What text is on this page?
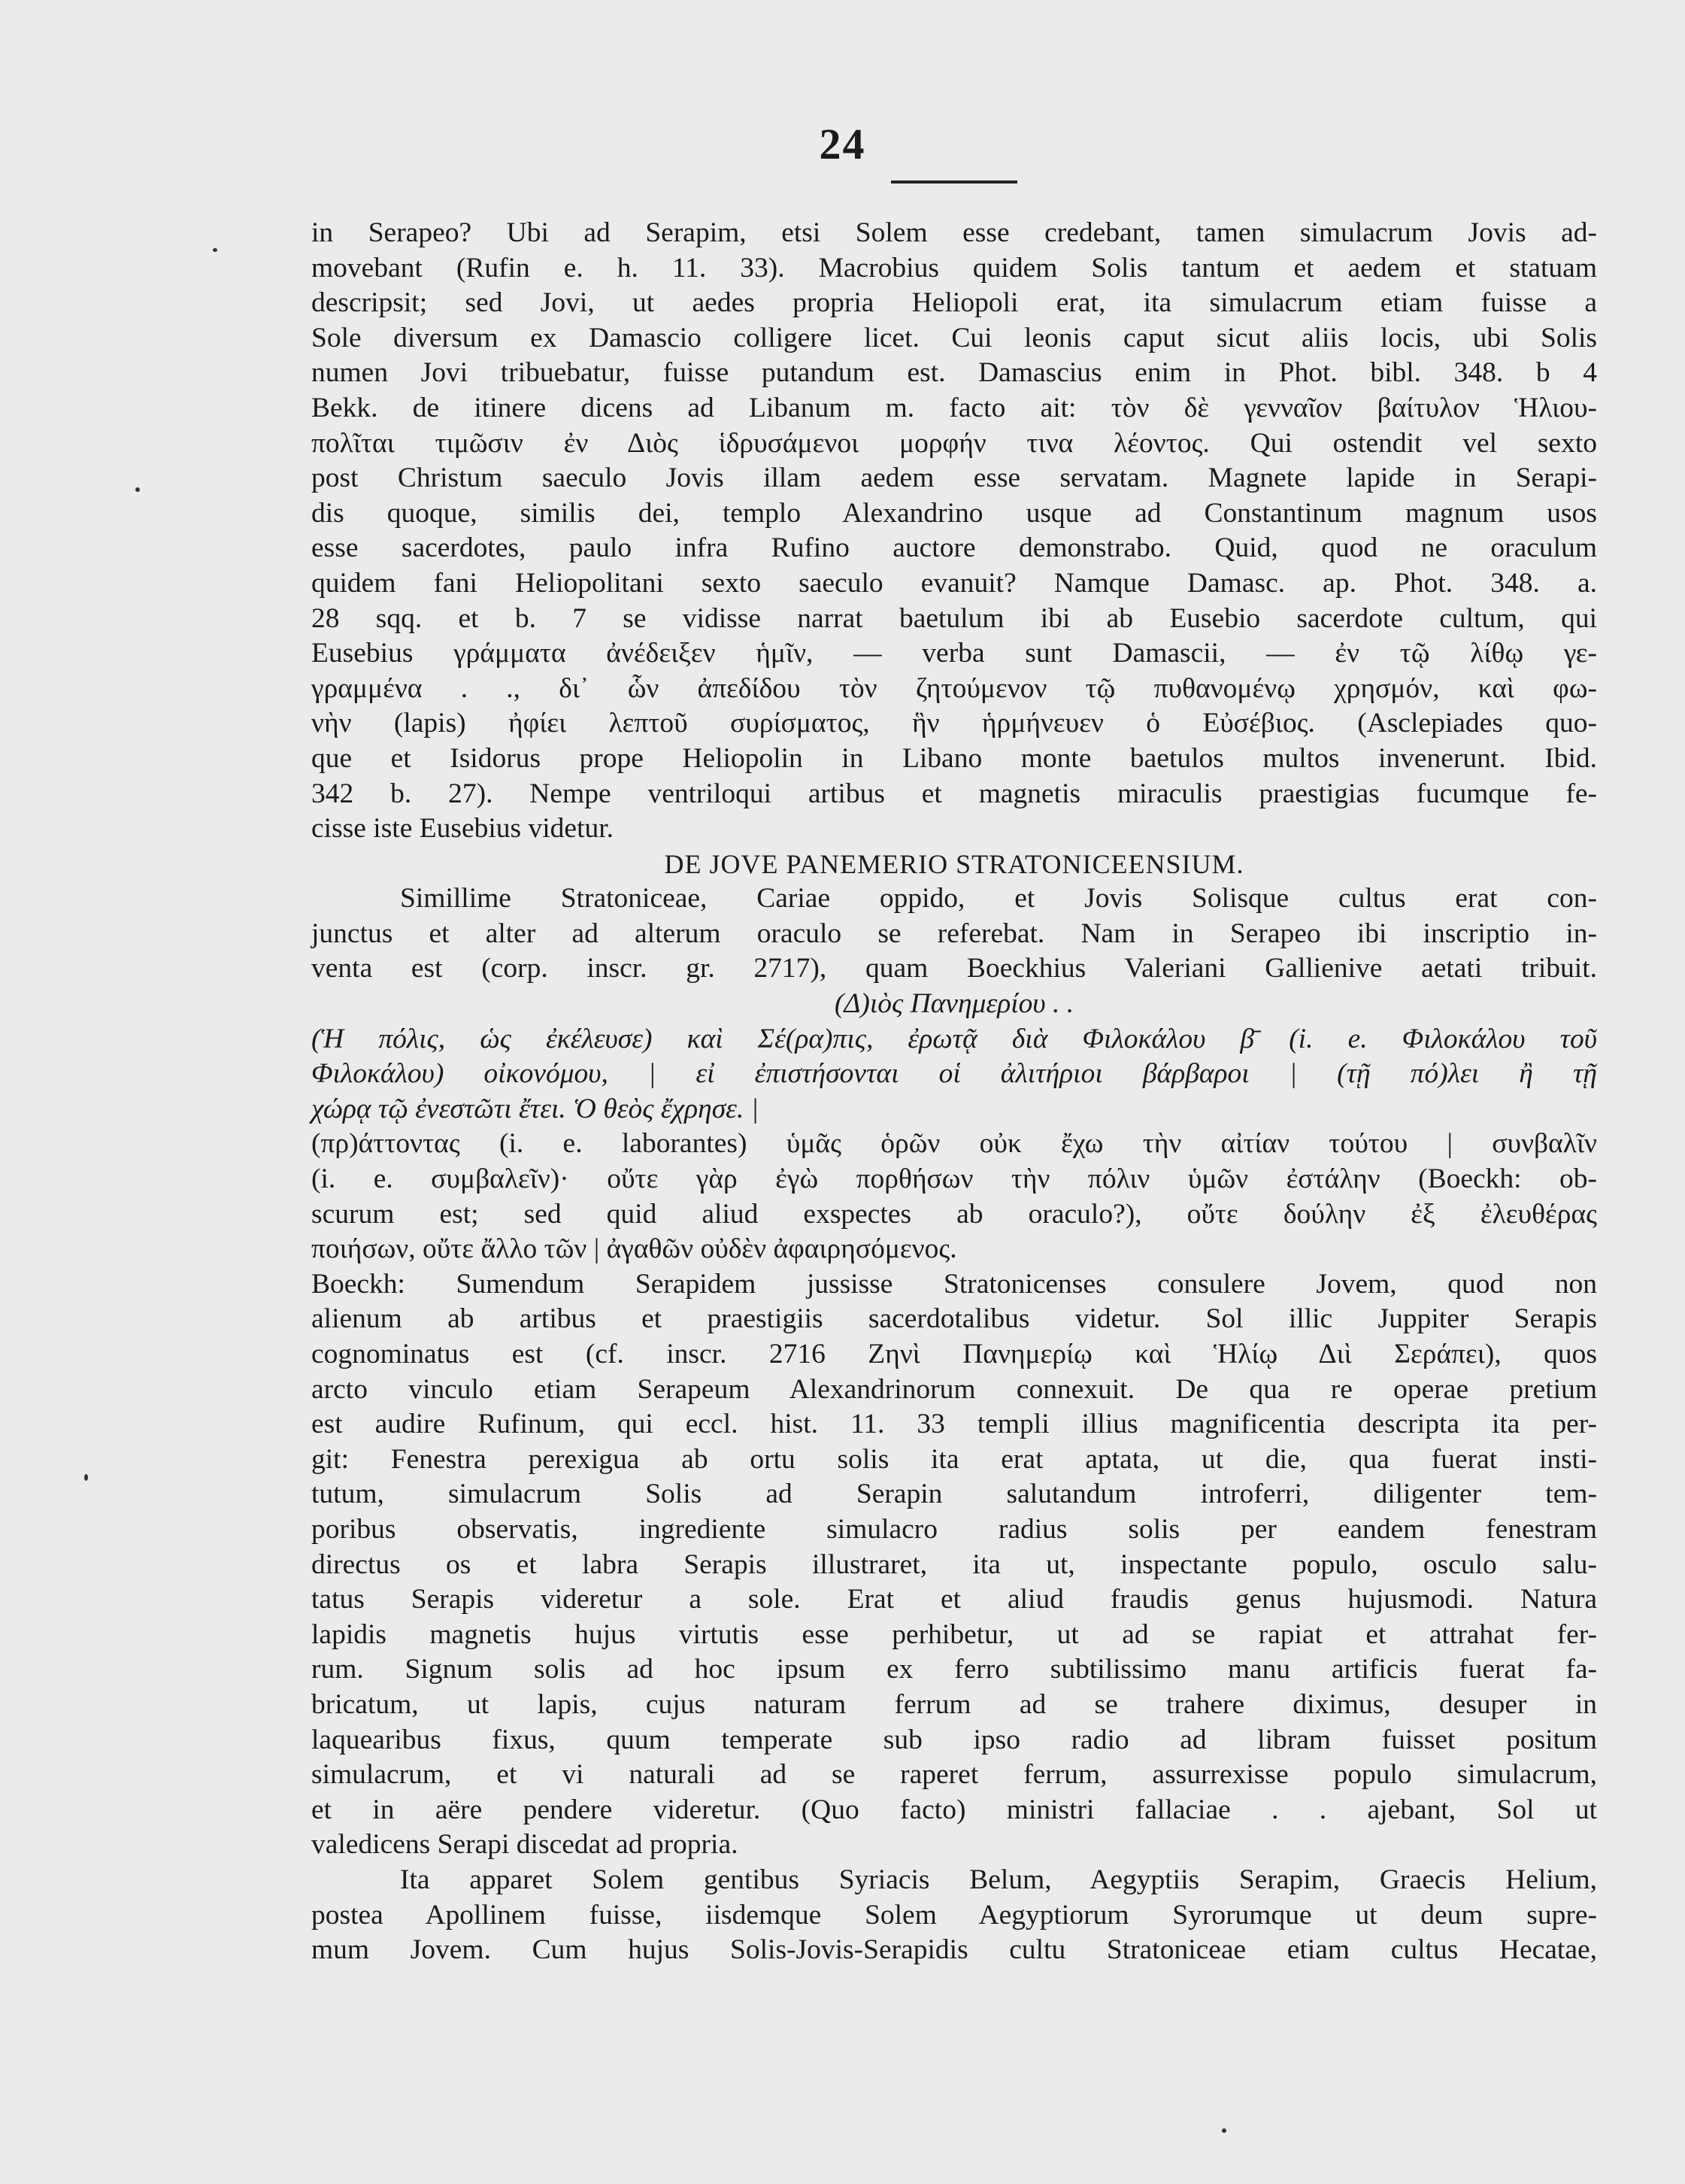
24
in Serapeo? Ubi ad Serapim, etsi Solem esse credebant, tamen simulacrum Jovis ad-
movebant (Rufin e. h. 11. 33). Macrobius quidem Solis tantum et aedem et statuam
descripsit; sed Jovi, ut aedes propria Heliopoli erat, ita simulacrum etiam fuisse a
Sole diversum ex Damascio colligere licet. Cui leonis caput sicut aliis locis, ubi Solis
numen Jovi tribuebatur, fuisse putandum est. Damascius enim in Phot. bibl. 348. b 4
Bekk. de itinere dicens ad Libanum m. facto ait: τὸν δὲ γενναῖον βαίτυλον Ἡλιου-
πολῖται τιμῶσιν ἐν Διὸς ἱδρυσάμενοι μορφήν τινα λέοντος. Qui ostendit vel sexto
post Christum saeculo Jovis illam aedem esse servatam. Magnete lapide in Serapi-
dis quoque, similis dei, templo Alexandrino usque ad Constantinum magnum usos
esse sacerdotes, paulo infra Rufino auctore demonstrabo. Quid, quod ne oraculum
quidem fani Heliopolitani sexto saeculo evanuit? Namque Damasc. ap. Phot. 348. a.
28 sqq. et b. 7 se vidisse narrat baetulum ibi ab Eusebio sacerdote cultum, qui
Eusebius γράμματα ἀνέδειξεν ἡμῖν, — verba sunt Damascii, — ἐν τῷ λίθῳ γε-
γραμμένα . ., δι᾽ ὧν ἀπεδίδου τὸν ζητούμενον τῷ πυθανομένῳ χρησμόν, καὶ φω-
νὴν (lapis) ἠφίει λεπτοῦ συρίσματος, ἣν ἡρμήνευεν ὁ Εὐσέβιος. (Asclepiades quo-
que et Isidorus prope Heliopolin in Libano monte baetulos multos invenerunt. Ibid.
342 b. 27). Nempe ventriloqui artibus et magnetis miraculis praestigias fucumque fe-
cisse iste Eusebius videtur.
DE JOVE PANEMERIO STRATONICEENSIUM.
Simillime Stratoniceae, Cariae oppido, et Jovis Solisque cultus erat con-
junctus et alter ad alterum oraculo se referebat. Nam in Serapeo ibi inscriptio in-
venta est (corp. inscr. gr. 2717), quam Boeckhius Valeriani Gallienive aetati tribuit.
(Δ)ιὸς Πανημερίου . .
(Ἡ πόλις, ὡς ἐκέλευσε) καὶ Σέ(ρα)πις, ἐρωτᾷ διὰ Φιλοκάλου β̄ (i. e. Φιλοκάλου τοῦ
Φιλοκάλου) οἰκονόμου, | εἰ ἐπιστήσονται οἱ ἀλιτήριοι βάρβαροι | (τῇ πό)λει ἢ τῇ
χώρᾳ τῷ ἐνεστῶτι ἔτει. Ὁ θεὸς ἔχρησε. |
(πρ)άττοντας (i. e. laborantes) ὑμᾶς ὁρῶν οὐκ ἔχω τὴν αἰτίαν τούτου | συνβαλῖν
(i. e. συμβαλεῖν)· οὔτε γὰρ ἐγὼ πορθήσων τὴν πόλιν ὑμῶν ἐστάλην (Boeckh: ob-
scurum est; sed quid aliud exspectes ab oraculo?), οὔτε δούλην ἐξ ἐλευθέρας
ποιήσων, οὔτε ἄλλο τῶν | ἀγαθῶν οὐδὲν ἀφαιρησόμενος.
Boeckh: Sumendum Serapidem jussisse Stratonicenses consulere Jovem, quod non
alienum ab artibus et praestigiis sacerdotalibus videtur. Sol illic Juppiter Serapis
cognominatus est (cf. inscr. 2716 Ζηνὶ Πανημερίῳ καὶ Ἡλίῳ Διὶ Σεράπει), quos
arcto vinculo etiam Serapeum Alexandrinorum connexuit. De qua re operae pretium
est audire Rufinum, qui eccl. hist. 11. 33 templi illius magnificentia descripta ita per-
git: Fenestra perexigua ab ortu solis ita erat aptata, ut die, qua fuerat insti-
tutum, simulacrum Solis ad Serapin salutandum introferri, diligenter tem-
poribus observatis, ingrediente simulacro radius solis per eandem fenestram
directus os et labra Serapis illustraret, ita ut, inspectante populo, osculo salu-
tatus Serapis videretur a sole. Erat et aliud fraudis genus hujusmodi. Natura
lapidis magnetis hujus virtutis esse perhibetur, ut ad se rapiat et attrahat fer-
rum. Signum solis ad hoc ipsum ex ferro subtilissimo manu artificis fuerat fa-
bricatum, ut lapis, cujus naturam ferrum ad se trahere diximus, desuper in
laquearibus fixus, quum temperate sub ipso radio ad libram fuisset positum
simulacrum, et vi naturali ad se raperet ferrum, assurrexisse populo simulacrum,
et in aëre pendere videretur. (Quo facto) ministri fallaciae . . ajebant, Sol ut
valedicens Serapi discedat ad propria.
Ita apparet Solem gentibus Syriacis Belum, Aegyptiis Serapim, Graecis Helium,
postea Apollinem fuisse, iisdemque Solem Aegyptiorum Syrorumque ut deum supre-
mum Jovem. Cum hujus Solis-Jovis-Serapidis cultu Stratoniceae etiam cultus Hecatae,
